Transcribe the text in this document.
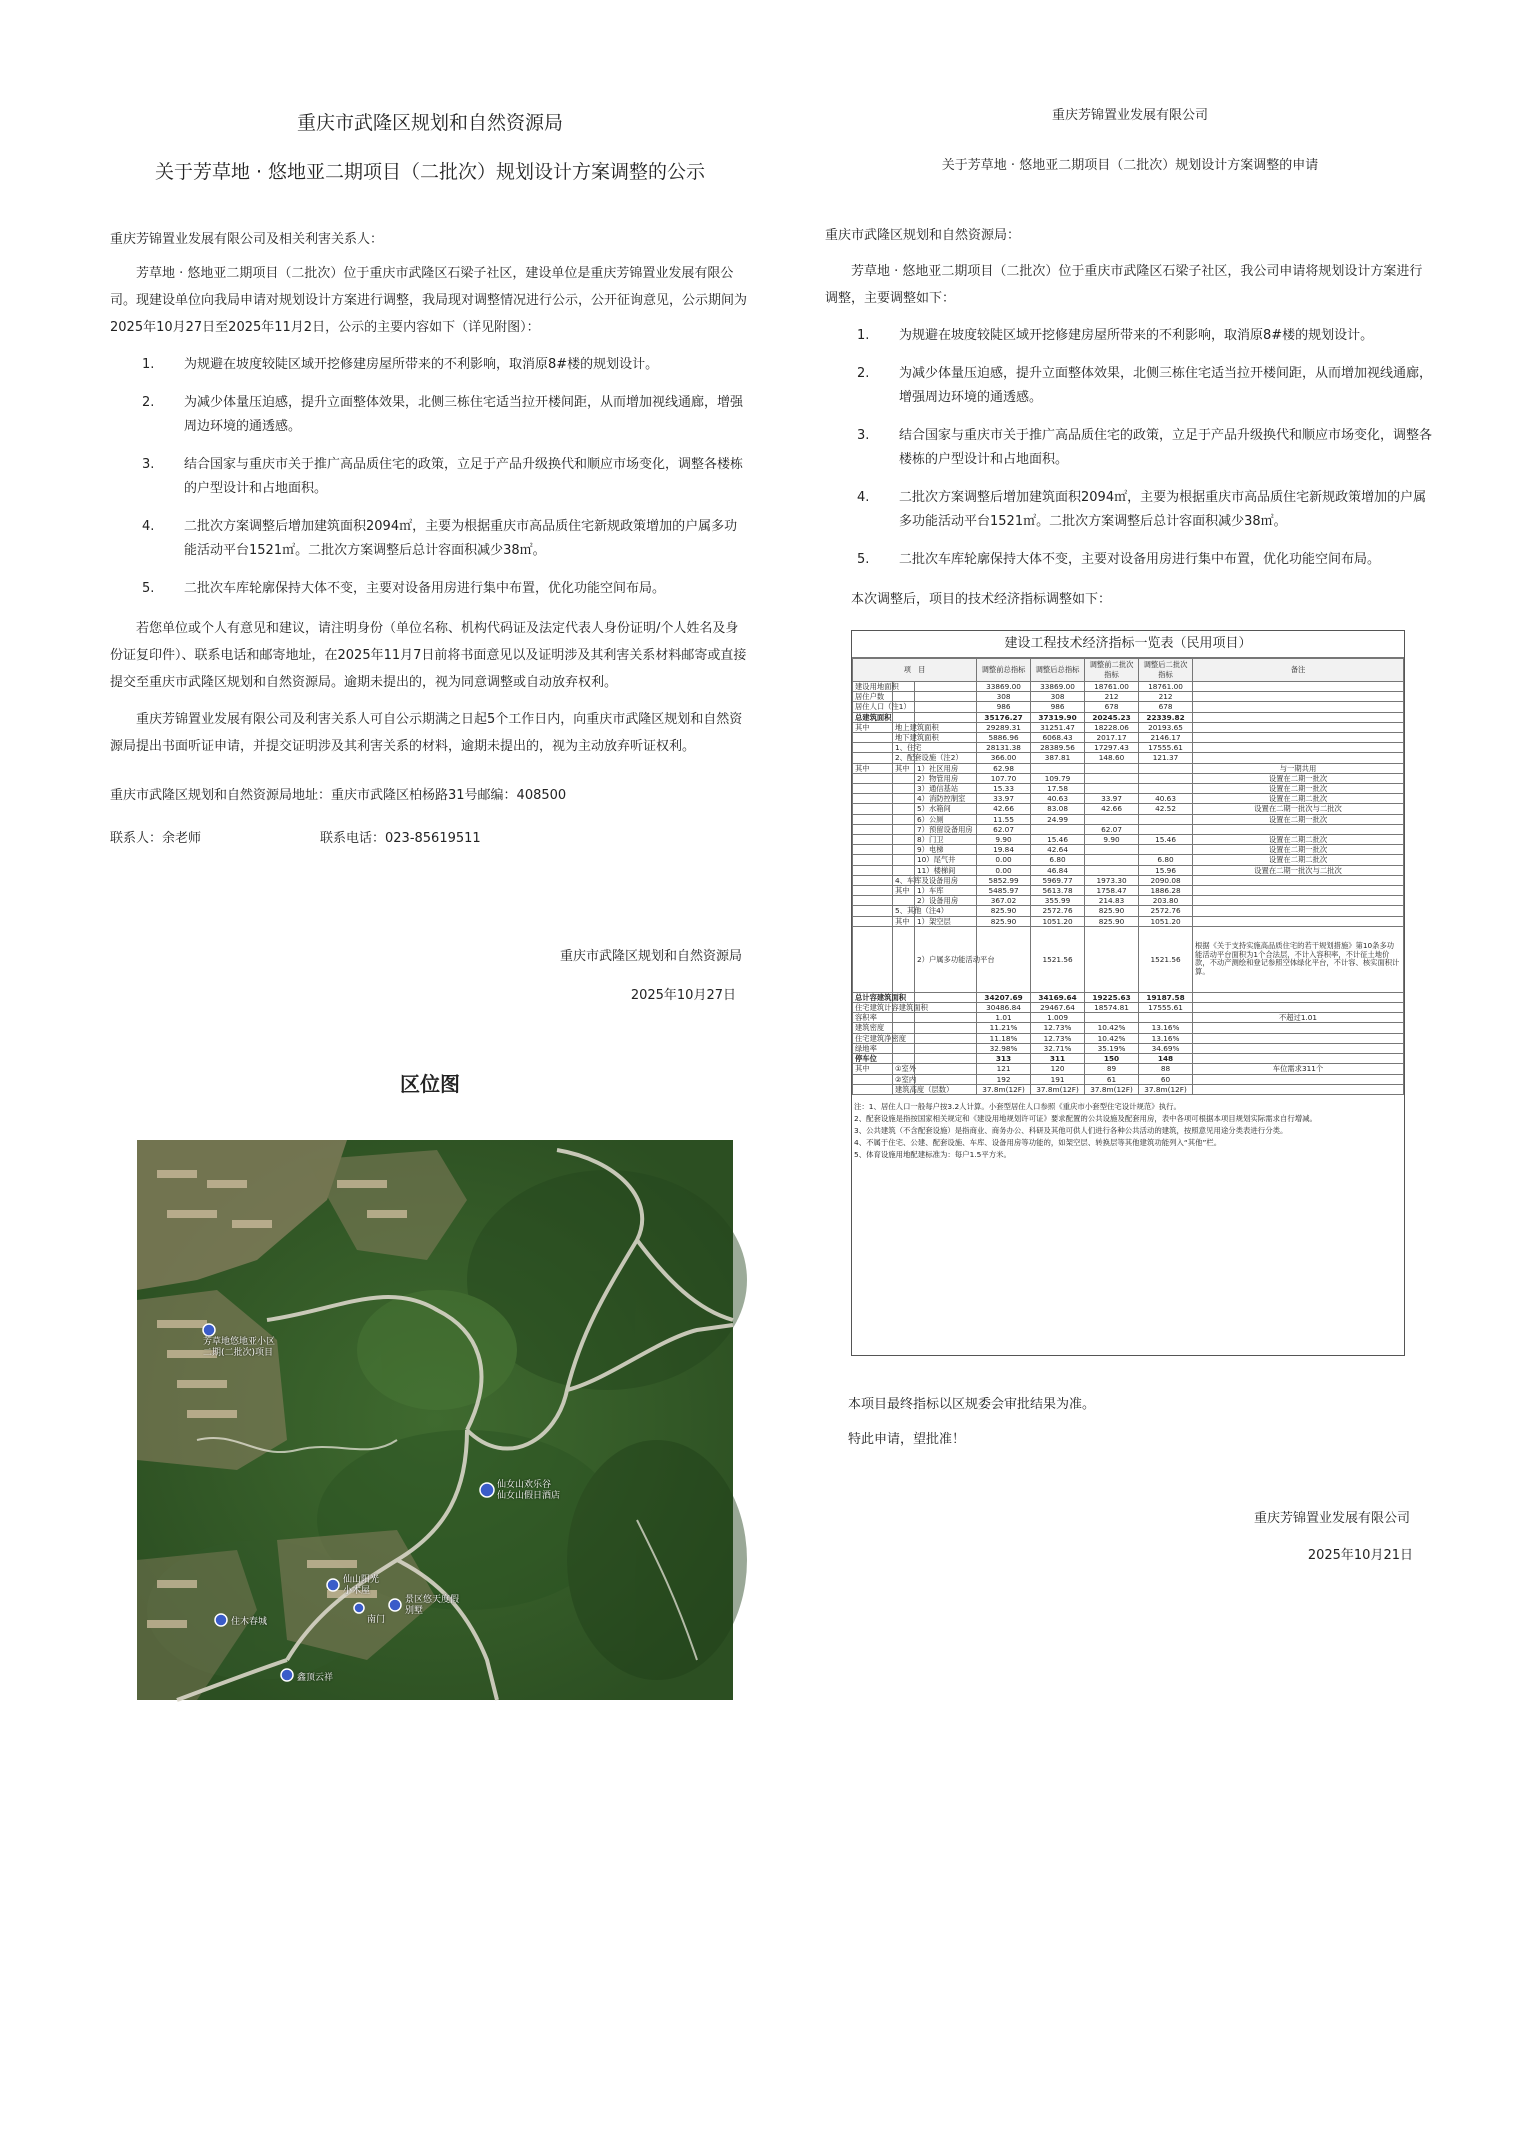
重庆市武隆区规划和自然资源局
关于芳草地 · 悠地亚二期项目（二批次）规划设计方案调整的公示
重庆芳锦置业发展有限公司及相关利害关系人：

芳草地 · 悠地亚二期项目（二批次）位于重庆市武隆区石梁子社区，建设单位是重庆芳锦置业发展有限公司。现建设单位向我局申请对规划设计方案进行调整，我局现对调整情况进行公示，公开征询意见，公示期间为2025年10月27日至2025年11月2日，公示的主要内容如下（详见附图）：

1.	为规避在坡度较陡区域开挖修建房屋所带来的不利影响，取消原8#楼的规划设计。
2.	为减少体量压迫感，提升立面整体效果，北侧三栋住宅适当拉开楼间距，从而增加视线通廊，增强周边环境的通透感。
3.	结合国家与重庆市关于推广高品质住宅的政策，立足于产品升级换代和顺应市场变化，调整各楼栋的户型设计和占地面积。
4.	二批次方案调整后增加建筑面积2094㎡，主要为根据重庆市高品质住宅新规政策增加的户属多功能活动平台1521㎡。二批次方案调整后总计容面积减少38㎡。
5.	二批次车库轮廓保持大体不变，主要对设备用房进行集中布置，优化功能空间布局。

若您单位或个人有意见和建议，请注明身份（单位名称、机构代码证及法定代表人身份证明/个人姓名及身份证复印件）、联系电话和邮寄地址，在2025年11月7日前将书面意见以及证明涉及其利害关系材料邮寄或直接提交至重庆市武隆区规划和自然资源局。逾期未提出的，视为同意调整或自动放弃权利。

重庆芳锦置业发展有限公司及利害关系人可自公示期满之日起5个工作日内，向重庆市武隆区规划和自然资源局提出书面听证申请，并提交证明涉及其利害关系的材料，逾期未提出的，视为主动放弃听证权利。

重庆市武隆区规划和自然资源局地址：重庆市武隆区柏杨路31号邮编：408500
联系人：余老师	联系电话：023-85619511
重庆市武隆区规划和自然资源局
2025年10月27日
区位图
芳草地悠地亚小区
二期(二批次)项目
仙女山欢乐谷
仙女山假日酒店
仙山阳光
小木屋
住木春城
鑫顶云祥
景区悠天度假别墅
南门
重庆芳锦置业发展有限公司
关于芳草地 · 悠地亚二期项目（二批次）规划设计方案调整的申请
重庆市武隆区规划和自然资源局：

芳草地 · 悠地亚二期项目（二批次）位于重庆市武隆区石梁子社区，我公司申请将规划设计方案进行调整，主要调整如下：

1.	为规避在坡度较陡区域开挖修建房屋所带来的不利影响，取消原8#楼的规划设计。
2.	为减少体量压迫感，提升立面整体效果，北侧三栋住宅适当拉开楼间距，从而增加视线通廊，增强周边环境的通透感。
3.	结合国家与重庆市关于推广高品质住宅的政策，立足于产品升级换代和顺应市场变化，调整各楼栋的户型设计和占地面积。
4.	二批次方案调整后增加建筑面积2094㎡，主要为根据重庆市高品质住宅新规政策增加的户属多功能活动平台1521㎡。二批次方案调整后总计容面积减少38㎡。
5.	二批次车库轮廓保持大体不变，主要对设备用房进行集中布置，优化功能空间布局。

本次调整后，项目的技术经济指标调整如下：

建设工程技术经济指标一览表（民用项目）
项　目			调整前总指标	调整后总指标	调整前二批次指标	调整后二批次指标	备注
建设用地面积			33869.00	33869.00	18761.00	18761.00	
居住户数			308	308	212	212	
居住人口（注1）			986	986	678	678	
总建筑面积			35176.27	37319.90	20245.23	22339.82	
其中	地上建筑面积		29289.31	31251.47	18228.06	20193.65	
	地下建筑面积		5886.96	6068.43	2017.17	2146.17	
	1、住宅		28131.38	28389.56	17297.43	17555.61	
	2、配套设施（注2）		366.00	387.81	148.60	121.37	
其中	其中	1）社区用房	62.98				与一期共用
		2）物管用房	107.70	109.79			设置在二期一批次
		3）通信基站	15.33	17.58			设置在二期一批次
		4）消防控制室	33.97	40.63	33.97	40.63	设置在二期二批次
		5）水箱间	42.66	83.08	42.66	42.52	设置在二期一批次与二批次
		6）公厕	11.55	24.99			设置在二期一批次
		7）预留设备用房	62.07		62.07		
		8）门卫	9.90	15.46	9.90	15.46	设置在二期二批次
		9）电梯	19.84	42.64			设置在二期一批次
		10）尾气井	0.00	6.80		6.80	设置在二期二批次
		11）楼梯间	0.00	46.84		15.96	设置在二期一批次与二批次
	4、车库及设备用房		5852.99	5969.77	1973.30	2090.08	
	其中	1）车库	5485.97	5613.78	1758.47	1886.28	
		2）设备用房	367.02	355.99	214.83	203.80	
	5、其他（注4）		825.90	2572.76	825.90	2572.76	
	其中	1）架空层	825.90	1051.20	825.90	1051.20	
		2）户属多功能活动平台		1521.56		1521.56	根据《关于支持实施高品质住宅的若干规划措施》第10条多功能活动平台面积为1个合法层，不计入容积率，不计征土地价款，不动产测绘和登记参照空体绿化平台，不计容、核实面积计算。
总计容建筑面积			34207.69	34169.64	19225.63	19187.58	
住宅建筑计容建筑面积			30486.84	29467.64	18574.81	17555.61	
容积率			1.01	1.009			不超过1.01
建筑密度			11.21%	12.73%	10.42%	13.16%	
住宅建筑净密度			11.18%	12.73%	10.42%	13.16%	
绿地率			32.98%	32.71%	35.19%	34.69%	
停车位			313	311	150	148	
其中	①室外		121	120	89	88	车位需求311个
	②室内		192	191	61	60	
	建筑高度（层数）		37.8m(12F)	37.8m(12F)	37.8m(12F)	37.8m(12F)	
注：1、居住人口一般每户按3.2人计算。小套型居住人口参照《重庆市小套型住宅设计规范》执行。
2、配套设施是指按国家相关规定和《建设用地规划许可证》要求配置的公共设施及配套用房，表中各项可根据本项目规划实际需求自行增减。
3、公共建筑（不含配套设施）是指商业、商务办公、科研及其他可供人们进行各种公共活动的建筑，按照意见用途分类表进行分类。
4、不属于住宅、公建、配套设施、车库、设备用房等功能的，如架空层、转换层等其他建筑功能列入“其他”栏。
5、体育设施用地配建标准为：每户1.5平方米。
本项目最终指标以区规委会审批结果为准。
特此申请，望批准！
重庆芳锦置业发展有限公司
2025年10月21日
